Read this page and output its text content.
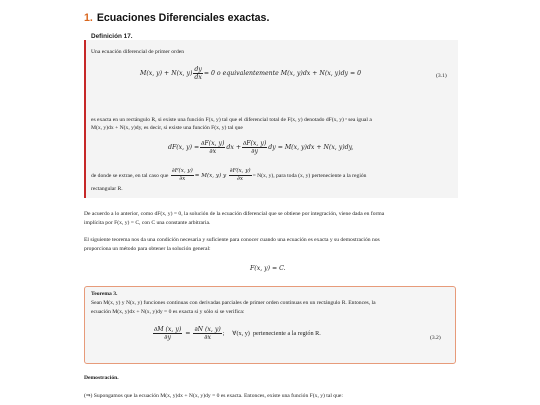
1. Ecuaciones Diferenciales exactas.
Definición 17.
Una ecuación diferencial de primer orden
M(x, y) + N(x, $y) \frac{dy}{dx} = 0$ o equivalentemente M(x, y)dx + N(x, y)dy = 0	(3.1)
es exacta en un rectángulo R, si existe una función F(x, y) tal que el diferencial total de F(x, y) denotado dF(x, y) ᵃ sea igual a
M(x, y)dx + N(x, y)dy, es decir, si existe una función F(x, y) tal que
dF(x, $y) = \frac{\partial F(x, y)}{\partial x}$ dx + $\frac{\partial F(x, y)}{\partial y}$ dy = M(x, y)dx + N(x, y)dy,
de donde se extrae, en tal caso que
$\frac{\partial F(x, y)}{\partial x} = M(x$, y) y
$\frac{\partial F(x, y)}{\partial x} = N(x$, y), para toda (x, y) perteneciente a la región
rectangular R.
De acuerdo a lo anterior, como dF(x, y) = 0, la solución de la ecuación diferencial que se obtiene por integración, viene dada en forma
implícita por F(x, y) = C, con C una constante arbitraria.
El siguiente teorema nos da una condición necesaria y suficiente para conocer cuando una ecuación es exacta y su demostración nos
proporciona un método para obtener la solución general:
F(x, y) = C.
Teorema 3.
Sean M(x, y) y N(x, y) funciones continuas con derivadas parciales de primer orden continuas en un rectángulo R. Entonces, la
ecuación M(x, y)dx + N(x, y)dy = 0 es exacta si y sólo si se verifica:
$\frac{\partial M (x, y)}{\partial y} = \frac{\partial N (x, y)}{\partial x}$ ;     ∀(x, y)  perteneciente a la región R.
(3.2)
Demostración.
(⇒) Supongamos que la ecuación M(x, y)dx + N(x, y)dy = 0 es exacta. Entonces, existe una función F(x, y) tal que:
